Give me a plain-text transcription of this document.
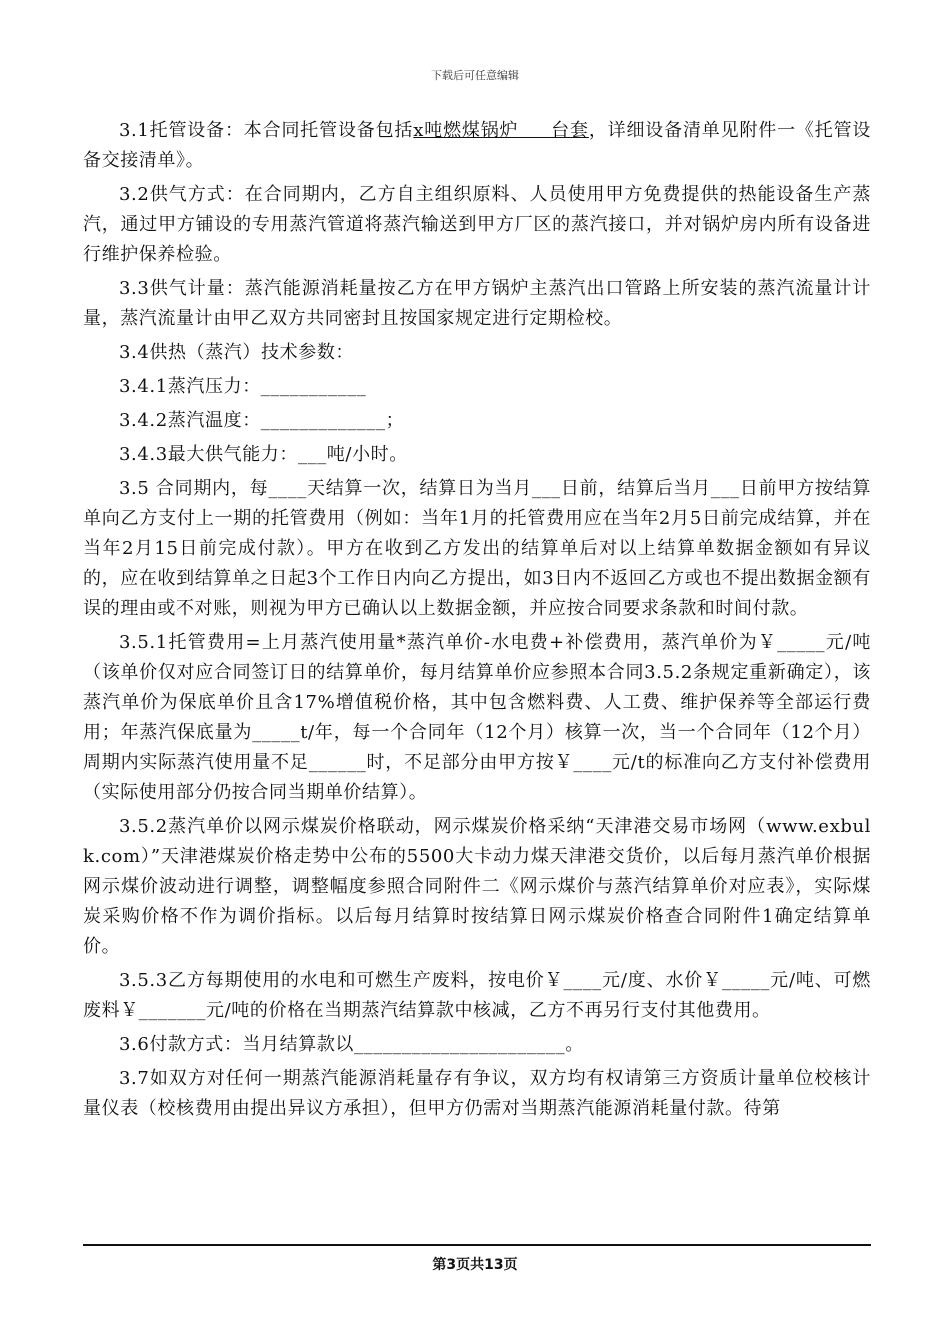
下载后可任意编辑

3.1托管设备：本合同托管设备包括x吨燃煤锅炉     台套，详细设备清单见附件一《托管设备交接清单》。

3.2供气方式：在合同期内，乙方自主组织原料、人员使用甲方免费提供的热能设备生产蒸汽，通过甲方铺设的专用蒸汽管道将蒸汽输送到甲方厂区的蒸汽接口，并对锅炉房内所有设备进行维护保养检验。

3.3供气计量：蒸汽能源消耗量按乙方在甲方锅炉主蒸汽出口管路上所安装的蒸汽流量计计量，蒸汽流量计由甲乙双方共同密封且按国家规定进行定期检校。

3.4供热（蒸汽）技术参数：

3.4.1蒸汽压力：___________

3.4.2蒸汽温度：_____________；

3.4.3最大供气能力：___吨/小时。

3.5 合同期内，每____天结算一次，结算日为当月___日前，结算后当月___日前甲方按结算单向乙方支付上一期的托管费用（例如：当年1月的托管费用应在当年2月5日前完成结算，并在当年2月15日前完成付款）。甲方在收到乙方发出的结算单后对以上结算单数据金额如有异议的，应在收到结算单之日起3个工作日内向乙方提出，如3日内不返回乙方或也不提出数据金额有误的理由或不对账，则视为甲方已确认以上数据金额，并应按合同要求条款和时间付款。

3.5.1托管费用=上月蒸汽使用量*蒸汽单价-水电费+补偿费用，蒸汽单价为￥_____元/吨（该单价仅对应合同签订日的结算单价，每月结算单价应参照本合同3.5.2条规定重新确定），该蒸汽单价为保底单价且含17%增值税价格，其中包含燃料费、人工费、维护保养等全部运行费用；年蒸汽保底量为_____t/年，每一个合同年（12个月）核算一次，当一个合同年（12个月）周期内实际蒸汽使用量不足______时，不足部分由甲方按￥____元/t的标准向乙方支付补偿费用（实际使用部分仍按合同当期单价结算）。

3.5.2蒸汽单价以网示煤炭价格联动，网示煤炭价格采纳“天津港交易市场网（www.exbulk.com）”天津港煤炭价格走势中公布的5500大卡动力煤天津港交货价，以后每月蒸汽单价根据网示煤价波动进行调整，调整幅度参照合同附件二《网示煤价与蒸汽结算单价对应表》，实际煤炭采购价格不作为调价指标。以后每月结算时按结算日网示煤炭价格查合同附件1确定结算单价。

3.5.3乙方每期使用的水电和可燃生产废料，按电价￥____元/度、水价￥_____元/吨、可燃废料￥_______元/吨的价格在当期蒸汽结算款中核减，乙方不再另行支付其他费用。

3.6付款方式：当月结算款以______________________。

3.7如双方对任何一期蒸汽能源消耗量存有争议，双方均有权请第三方资质计量单位校核计量仪表（校核费用由提出异议方承担），但甲方仍需对当期蒸汽能源消耗量付款。待第

第3页共13页
